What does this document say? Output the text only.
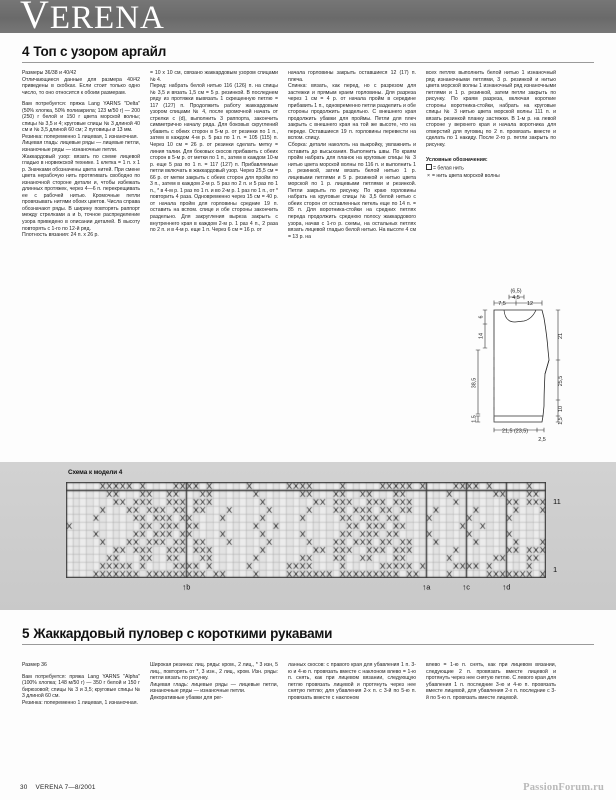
VERENA
4 Топ с узором аргайл

Размеры 36/38 и 40/42

Отличающиеся данные для размера 40/42 приведены в скобках. Если стоит только одно число, то оно относится к обоим размерам.

Вам потребуется: пряжа Lang YARNS "Delta" (50% хлопка, 50% полиакрила; 123 м/50 г) — 200 (250) г белой и 150 г цвета морской волны; спицы № 3,5 и 4; круговые спицы № 3 длиной 40 см и № 3,5 длиной 60 см; 2 пуговицы ø 13 мм.

Резинка: попеременно 1 лицевая, 1 изнаночная.

Лицевая гладь: лицевые ряды — лицевые петли, изнаночные ряды — изнаночные петли.

Жаккардовый узор: вязать по схеме лицевой гладью в норвежской технике. 1 клетка = 1 п. х 1 р. Значками обозначены цвета нитей. При смене цвета нерабочую нить протягивать свободно по изнаночной стороне детали и, чтобы избежать длинных протяжек, через 4—6 п. перекрещивать ее с рабочей нитью. Кромочные петли провязывать нитями обоих цветов. Числа справа обозначают ряды. В ширину повторять раппорт между стрелками a и b, точное распределение узора приведено в описании деталей. В высоту повторять с 1-го по 12-й ряд.

Плотность вязания: 24 п. х 26 р.

= 10 х 10 см, связано жаккардовым узором спицами № 4.

Перед: набрать белой нитью 116 (126) п. на спицы № 3,5 и вязать 1,5 см = 5 р. резинкой. В последнем ряду из протяжки вывязать 1 скрещенную петлю = 117 (127) п. Продолжить работу жаккардовым узором спицами № 4, после кромочной начать от стрелки c (d), выполнить 3 раппорта, закончить симметрично началу ряда. Для боковых скруглений убавить с обеих сторон в 5-м р. от резинки по 1 п., затем в каждом 4-м р. 5 раз по 1 п. = 105 (115) п. Через 10 см = 26 р. от резинки сделать метку = линия талии. Для боковых скосов прибавить с обеих сторон в 5-м р. от метки по 1 п., затем в каждом 10-м р. еще 5 раз по 1 п. = 117 (127) п. Прибавляемые петли включать в жаккардовый узор. Через 25,5 см = 66 р. от метки закрыть с обеих сторон для пройм по 3 п., затем в каждом 2-м р. 5 раз по 2 п. и 5 раз по 1 п., * в 4-м р. 1 раз по 1 п. и во 2-м р. 1 раз по 1 п., от * повторить 4 раза. Одновременно через 15 см = 40 р. от начала пройм для горловины средние 19 п. оставить на вспом. спице и обе стороны закончить раздельно. Для закругления выреза закрыть с внутреннего края в каждом 2-м р. 1 раз 4 п., 2 раза по 2 п. и в 4-м р. еще 1 п. Через 6 см = 16 р. от

начала горловины закрыть оставшиеся 12 (17) п. плеча.

Спинка: вязать, как перед, но с разрезом для застежки и прямым краем горловины. Для разреза через 1 см = 4 р. от начала пройм в середине прибавить 1 п., одновременно петли разделить и обе стороны продолжить раздельно. С внешнего края продолжить убавки для проймы. Петли для плеч закрыть с внешнего края на той же высоте, что на переде. Оставшиеся 19 п. горловины перевести на вспом. спицу.

Сборка: детали наколоть на выкройку, увлажнить и оставить до высыхания. Выполнить швы. По краям пройм набрать для планок на круговые спицы № 3 нитью цвета морской волны по 116 п. и выполнить 1 р. резинкой, затем вязать белой нитью 1 р. лицевыми петлями и 5 р. резинкой и нитью цвета морской по 1 р. лицевыми петлями и резинкой. Петли закрыть по рисунку. По краю горловины набрать на круговые спицы № 3,5 белой нитью с обеих сторон от оставленных петель еще по 14 п. = 85 п. Для воротника-стойки на средних петлях переда продолжить среднюю полосу жаккардового узора, начав с 1-го р. схемы, на остальных петлях вязать лицевой гладью белой нитью. На высоте 4 см = 13 р. на

всех петлях выполнить белой нитью 1 изнаночный ряд изнаночными петлями, 3 р. резинкой и нитью цвета морской волны 1 изнаночный ряд изнаночными петлями и 1 р. резинкой, затем петли закрыть по рисунку. По краям разреза, включая короткие стороны воротника-стойки, набрать на круговые спицы № 3 нитью цвета морской волны 111 п. и вязать резинкой планку застежки. В 1-м р. на левой стороне у верхнего края и начала воротника для отверстий для пуговиц по 2 п. провязать вместе и сделать по 1 накиду. После 2-го р. петли закрыть по рисунку.

Условные обозначения:
= белая нить
× = нить цвета морской волны
(6,5)
4,5
7,5	12
6
14
38,5
1,5
21
25,5
10
1,5
21,5 (23,5)
2,5
Схема к модели 4
11
1
↑b	↑a	↑c	↑d
5 Жаккардовый пуловер с короткими рукавами

Размер 36

Вам потребуется: пряжа Lang YARNS "Alpha" (100% хлопка; 148 м/50 г) — 350 г белой и 150 г бирюзовой; спицы № 3 и 3,5; круговые спицы № 3 длиной 60 см.

Резинка: попеременно 1 лицевая, 1 изнаночная.

Широкая резинка: лиц. ряды: кром., 2 лиц., * 3 изн, 5 лиц., повторять от *, 3 изн., 2 лиц., кром. Изн. ряды: петли вязать по рисунку.

Лицевая гладь: лицевые ряды — лицевые петли, изнаночные ряды — изнаночные петли.

Декоративные убавки для рег-

ланных скосов: с правого края для убавления 1 п. 3-ю и 4-ю п. провязать вместе с наклоном влево = 1-ю п. снять, как при лицевом вязании, следующую петлю провязать лицевой и протянуть через нее снятую петлю; для убавления 2-х п. с 3-й по 5-ю п. провязать вместе с наклоном

влево = 1-ю п. снять, как при лицевом вязании, следующие 2 п. провязать вместе лицевой и протянуть через нее снятую петлю. С левого края для убавления 1 п. последние 3-ю и 4-ю п. провязать вместе лицевой, для убавления 2-х п. последние с 3-й по 5-ю п. провязать вместе лицевой.

30 VERENA 7—8/2001	PassionForum.ru
